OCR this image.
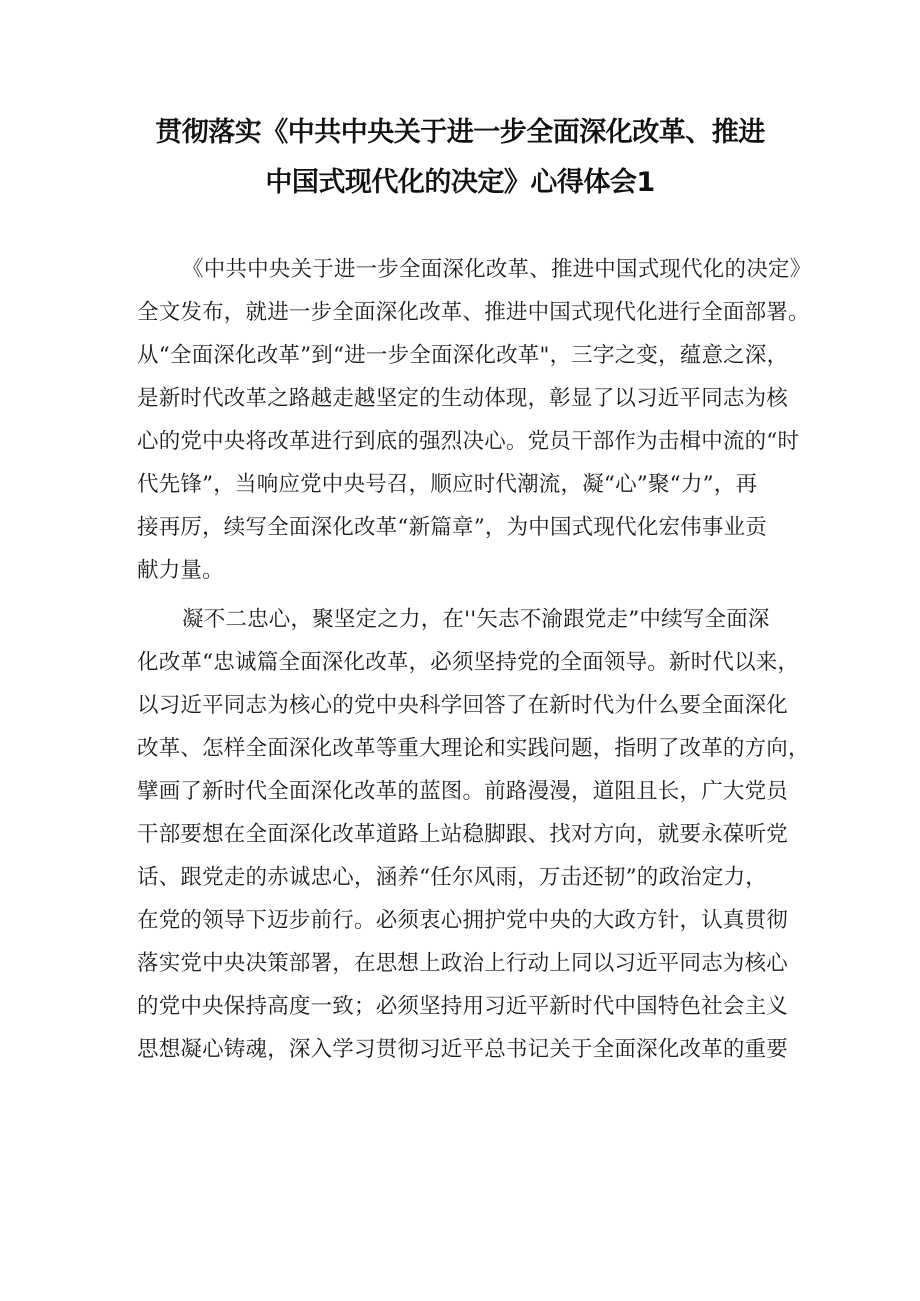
贯彻落实《中共中央关于进一步全面深化改革、推进
中国式现代化的决定》心得体会1

《中共中央关于进一步全面深化改革、推进中国式现代化的决定》

全文发布，就进一步全面深化改革、推进中国式现代化进行全面部署。

从“全面深化改革”到“进一步全面深化改革"，三字之变，蕴意之深，

是新时代改革之路越走越坚定的生动体现，彰显了以习近平同志为核

心的党中央将改革进行到底的强烈决心。党员干部作为击楫中流的“时

代先锋”，当响应党中央号召，顺应时代潮流，凝“心”聚“力”，再

接再厉，续写全面深化改革“新篇章”，为中国式现代化宏伟事业贡

献力量。

凝不二忠心，聚坚定之力，在''矢志不渝跟党走”中续写全面深

化改革“忠诚篇全面深化改革，必须坚持党的全面领导。新时代以来，

以习近平同志为核心的党中央科学回答了在新时代为什么要全面深化

改革、怎样全面深化改革等重大理论和实践问题，指明了改革的方向，

擘画了新时代全面深化改革的蓝图。前路漫漫，道阻且长，广大党员

干部要想在全面深化改革道路上站稳脚跟、找对方向，就要永葆听党

话、跟党走的赤诚忠心，涵养“任尔风雨，万击还韧”的政治定力，

在党的领导下迈步前行。必须衷心拥护党中央的大政方针，认真贯彻

落实党中央决策部署，在思想上政治上行动上同以习近平同志为核心

的党中央保持高度一致；必须坚持用习近平新时代中国特色社会主义

思想凝心铸魂，深入学习贯彻习近平总书记关于全面深化改革的重要
